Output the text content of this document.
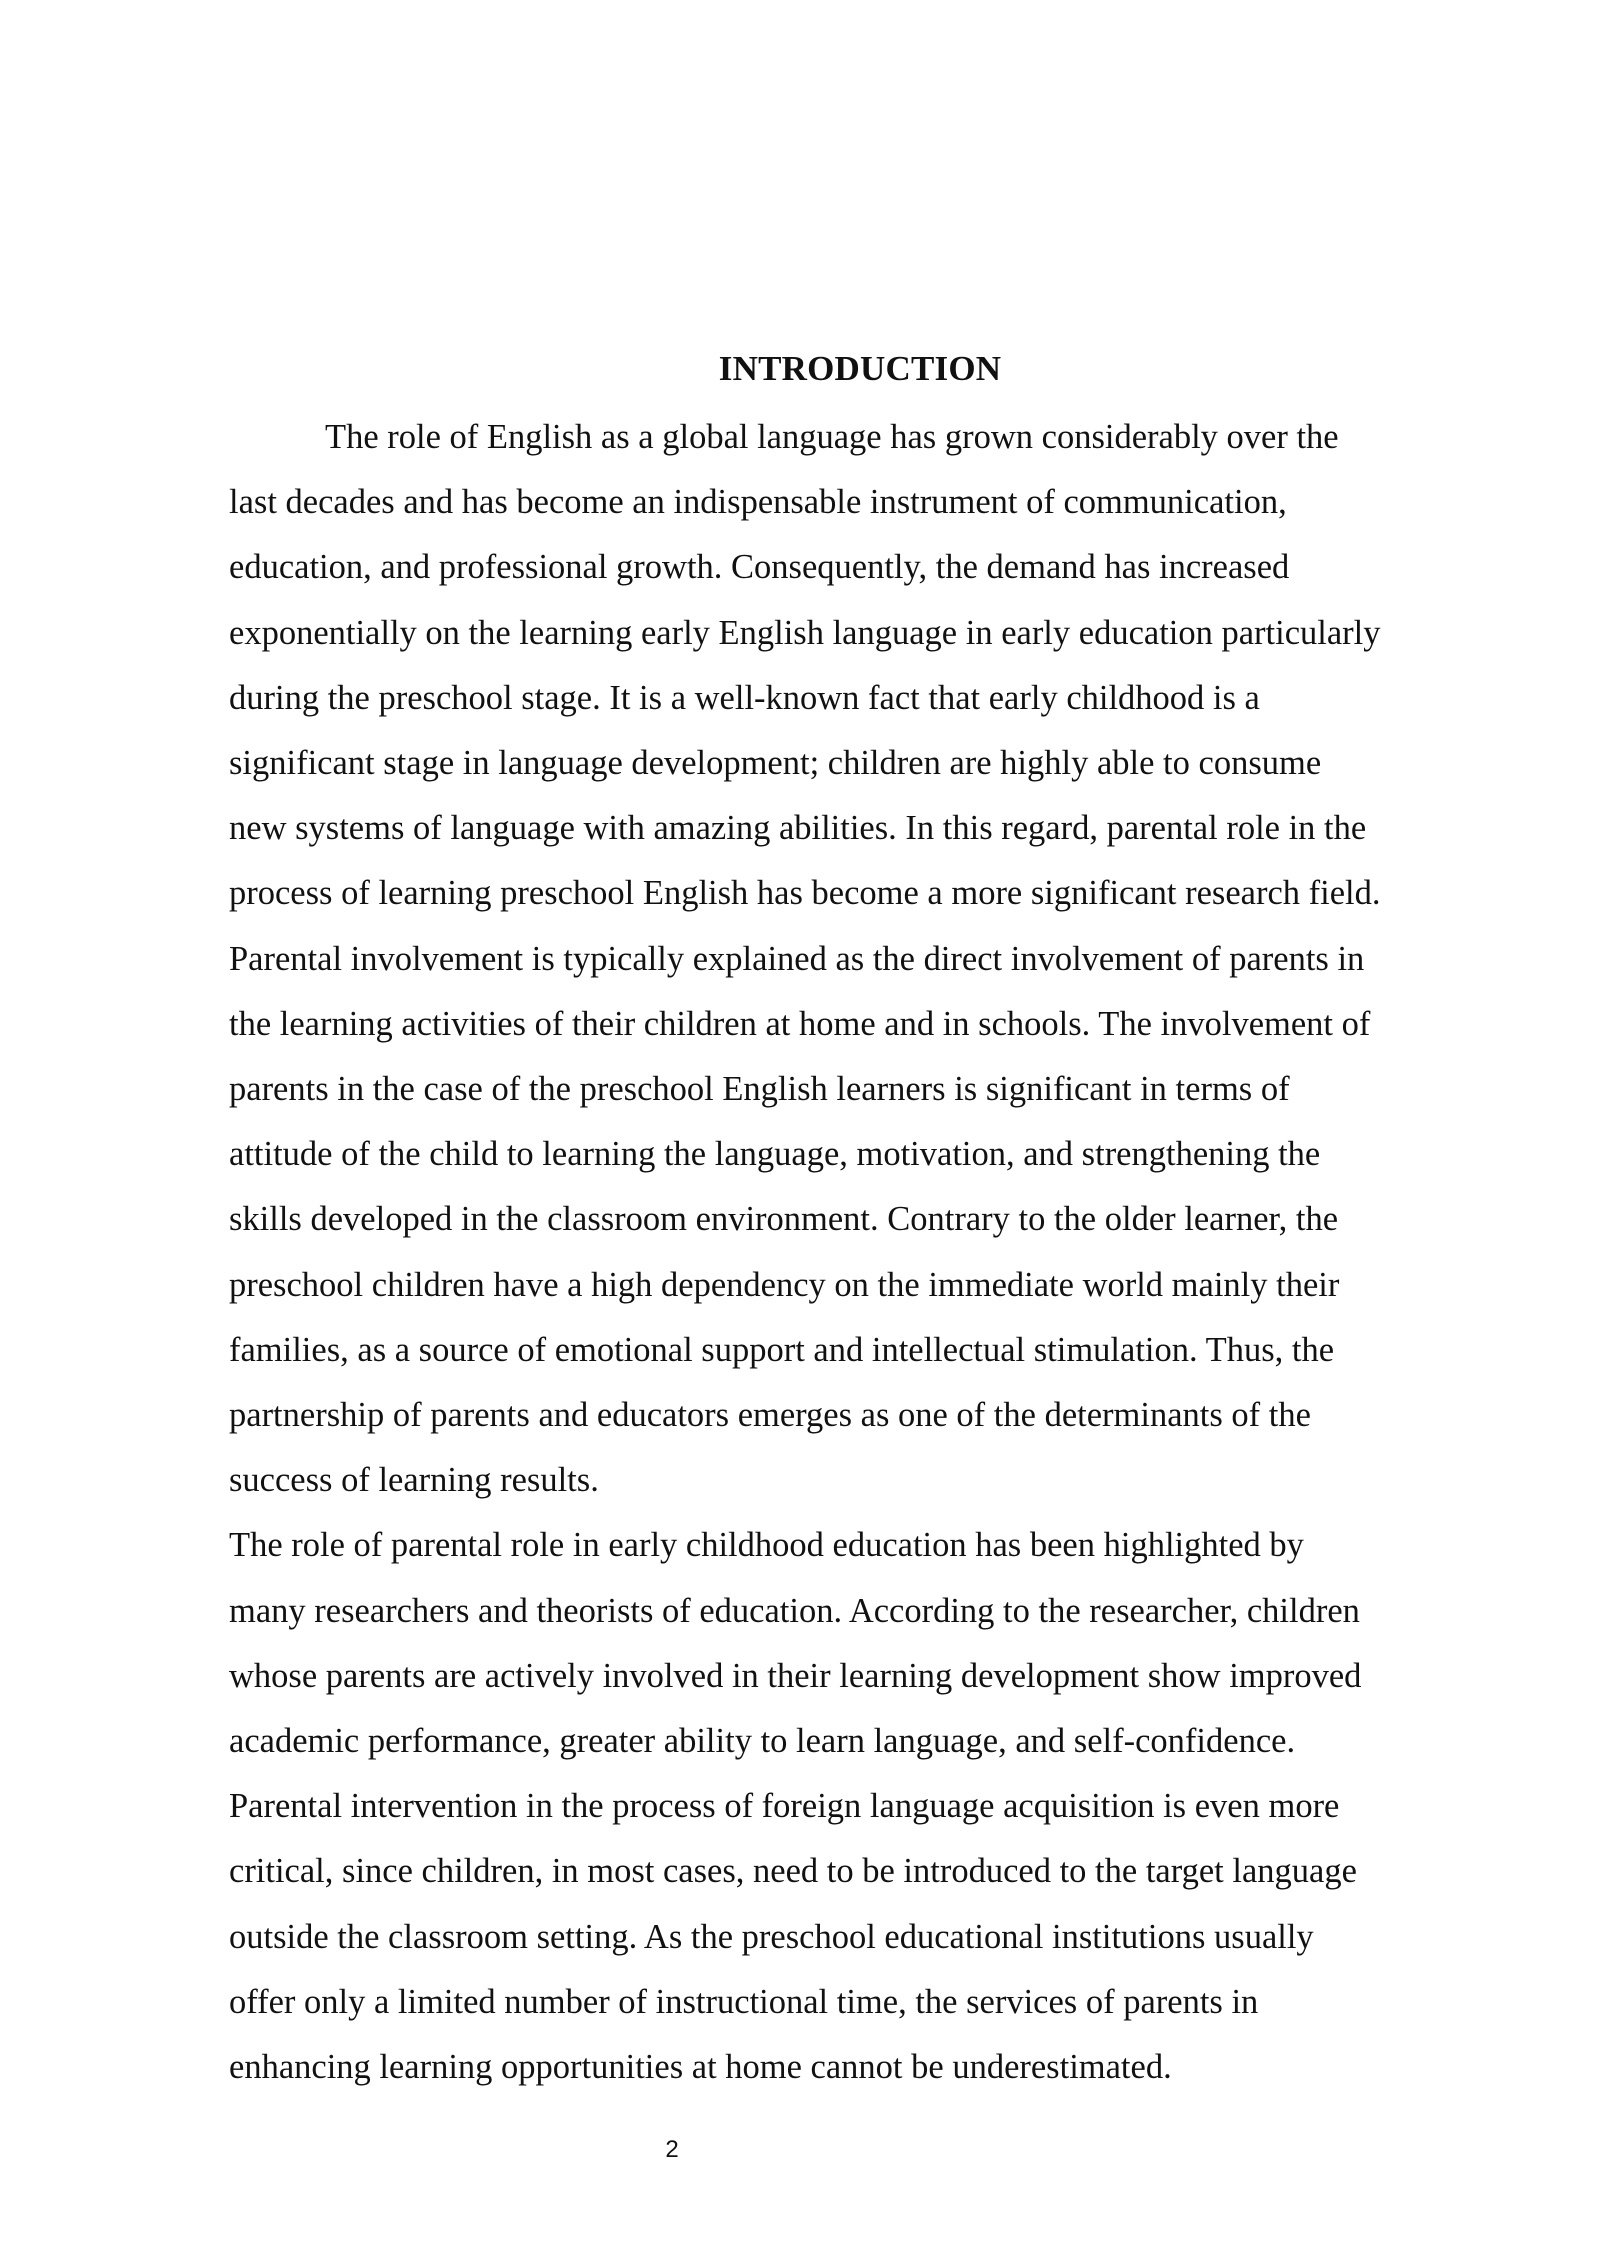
INTRODUCTION
The role of English as a global language has grown considerably over the
last decades and has become an indispensable instrument of communication,
education, and professional growth. Consequently, the demand has increased
exponentially on the learning early English language in early education particularly
during the preschool stage. It is a well-known fact that early childhood is a
significant stage in language development; children are highly able to consume
new systems of language with amazing abilities. In this regard, parental role in the
process of learning preschool English has become a more significant research field.
Parental involvement is typically explained as the direct involvement of parents in
the learning activities of their children at home and in schools. The involvement of
parents in the case of the preschool English learners is significant in terms of
attitude of the child to learning the language, motivation, and strengthening the
skills developed in the classroom environment. Contrary to the older learner, the
preschool children have a high dependency on the immediate world mainly their
families, as a source of emotional support and intellectual stimulation. Thus, the
partnership of parents and educators emerges as one of the determinants of the
success of learning results.
The role of parental role in early childhood education has been highlighted by
many researchers and theorists of education. According to the researcher, children
whose parents are actively involved in their learning development show improved
academic performance, greater ability to learn language, and self-confidence.
Parental intervention in the process of foreign language acquisition is even more
critical, since children, in most cases, need to be introduced to the target language
outside the classroom setting. As the preschool educational institutions usually
offer only a limited number of instructional time, the services of parents in
enhancing learning opportunities at home cannot be underestimated.
2
